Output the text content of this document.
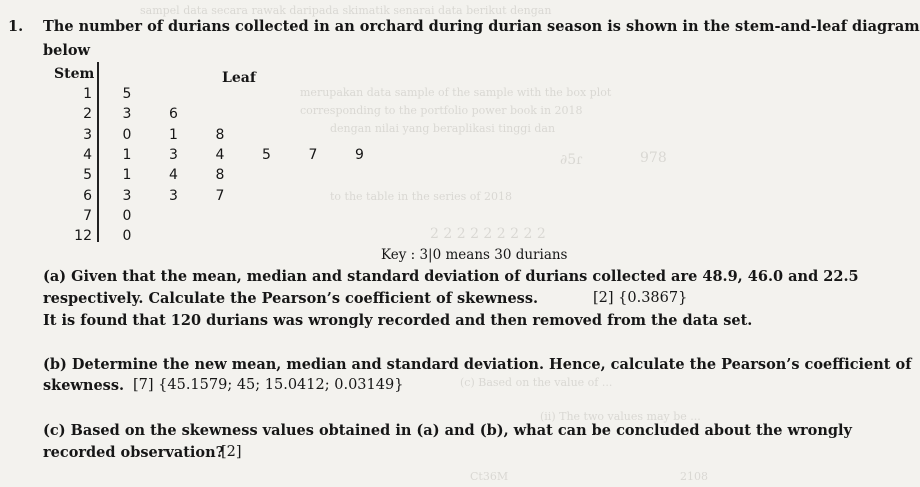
sampel data secara rawak daripada skimatik senarai data berikut dengan
merupakan data sample of the sample with the box plot
corresponding to the portfolio power book in 2018
dengan nilai yang beraplikasi tinggi dan
∂5ɾ	978
to the table in the series of 2018
2 2 2 2 2 2 2 2 2
(c) Based on the value of ...
(ii) The two values may be ...
Ct36M	2108
1. The number of durians collected in an orchard during durian season is shown in the stem-and-leaf diagram
below
Stem	Leaf
1	5
2	3	6
3	0	1	8
4	1	3	4	5	7	9
5	1	4	8
6	3	3	7
7	0
12	0
Key : 3|0 means 30 durians
(a) Given that the mean, median and standard deviation of durians collected are 48.9, 46.0 and 22.5
respectively. Calculate the Pearson’s coefficient of skewness.	[2] {0.3867}
It is found that 120 durians was wrongly recorded and then removed from the data set.
(b) Determine the new mean, median and standard deviation. Hence, calculate the Pearson’s coefficient of
skewness. [7] {45.1579; 45; 15.0412; 0.03149}
(c) Based on the skewness values obtained in (a) and (b), what can be concluded about the wrongly
recorded observation?
[2]
